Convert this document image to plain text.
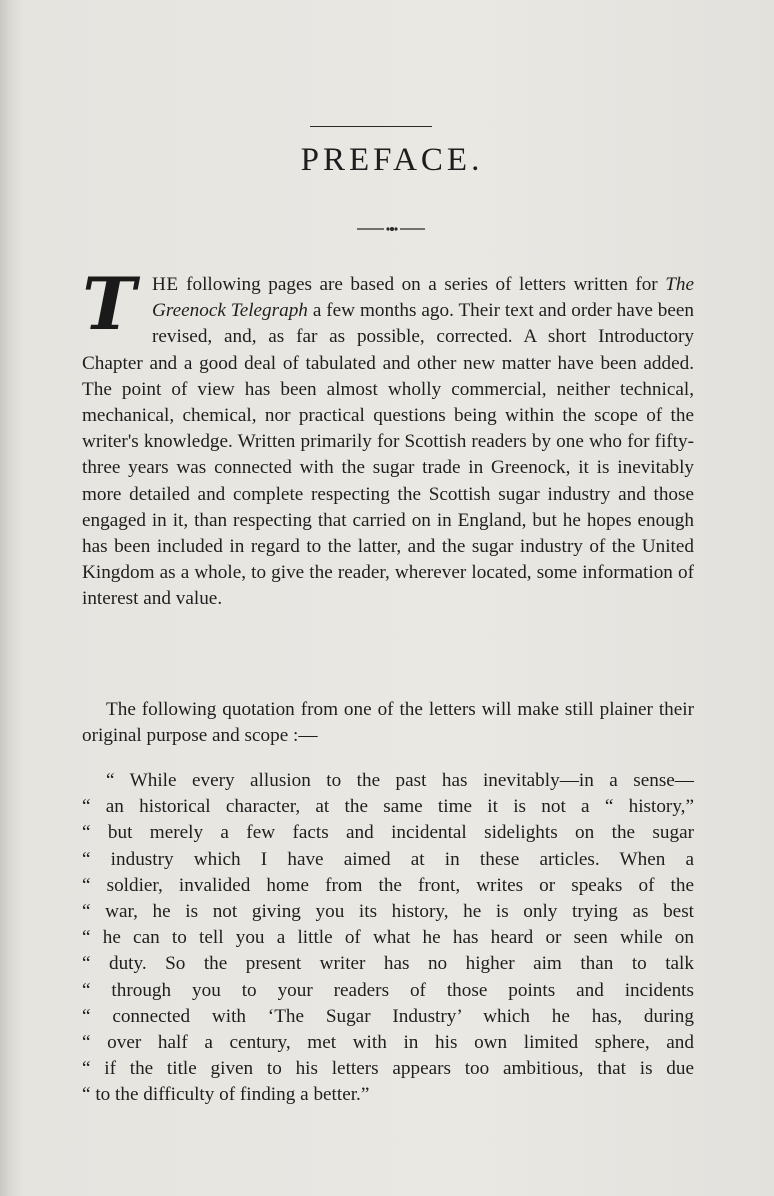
PREFACE.
THE following pages are based on a series of letters written for The Greenock Telegraph a few months ago. Their text and order have been revised, and, as far as possible, corrected. A short Introductory Chapter and a good deal of tabulated and other new matter have been added. The point of view has been almost wholly commercial, neither technical, mechanical, chemical, nor practical questions being within the scope of the writer's knowledge. Written primarily for Scottish readers by one who for fifty-three years was connected with the sugar trade in Greenock, it is inevitably more detailed and complete respecting the Scottish sugar industry and those engaged in it, than respecting that carried on in England, but he hopes enough has been included in regard to the latter, and the sugar industry of the United Kingdom as a whole, to give the reader, wherever located, some information of interest and value.
The following quotation from one of the letters will make still plainer their original purpose and scope :—
“ While every allusion to the past has inevitably—in a sense—
“ an historical character, at the same time it is not a “ history,”
“ but merely a few facts and incidental sidelights on the sugar
“ industry which I have aimed at in these articles. When a
“ soldier, invalided home from the front, writes or speaks of the
“ war, he is not giving you its history, he is only trying as best
“ he can to tell you a little of what he has heard or seen while on
“ duty. So the present writer has no higher aim than to talk
“ through you to your readers of those points and incidents
“ connected with ‘The Sugar Industry’ which he has, during
“ over half a century, met with in his own limited sphere, and
“ if the title given to his letters appears too ambitious, that is due
“ to the difficulty of finding a better.”
